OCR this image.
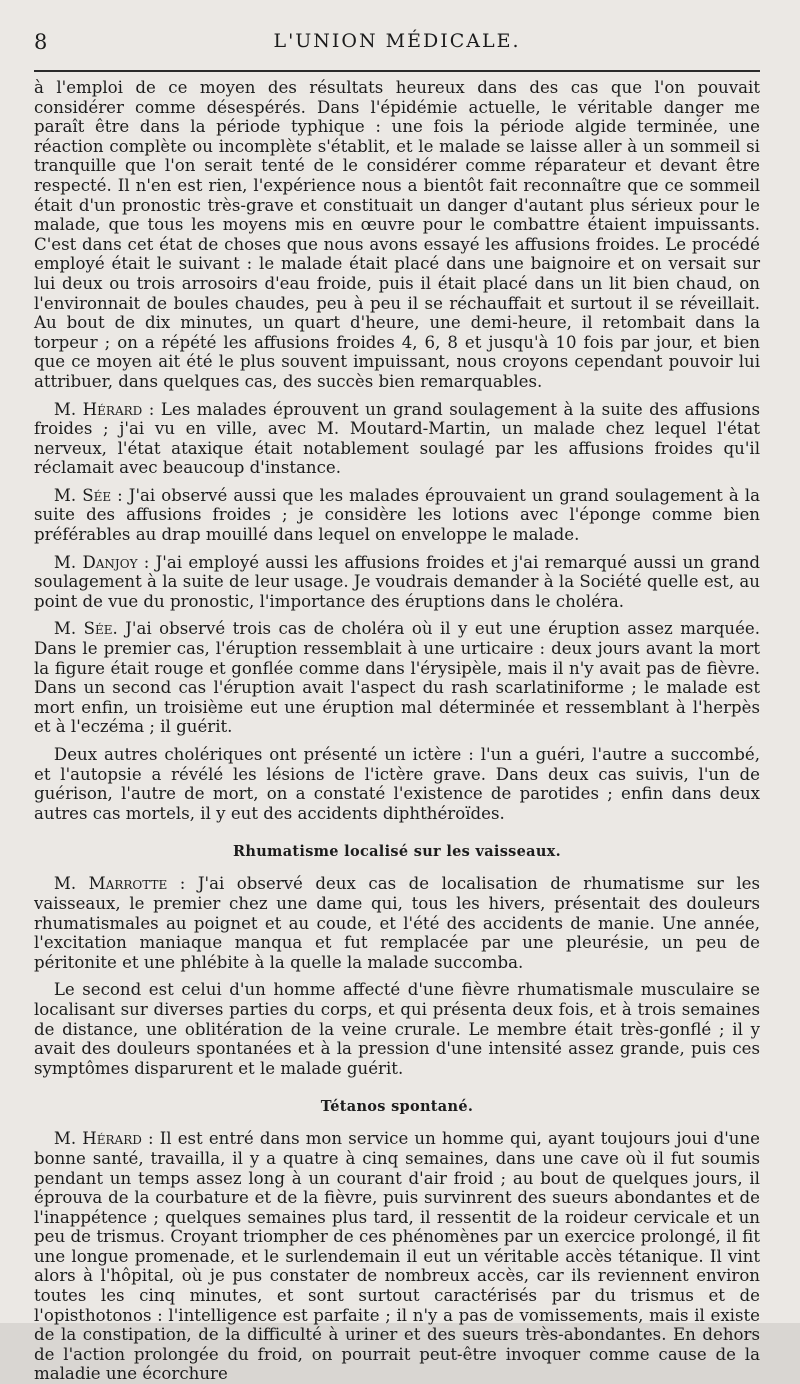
8	L'UNION MÉDICALE.

à l'emploi de ce moyen des résultats heureux dans des cas que l'on pouvait considérer comme désespérés. Dans l'épidémie actuelle, le véritable danger me paraît être dans la période typhique : une fois la période algide terminée, une réaction complète ou incomplète s'établit, et le malade se laisse aller à un sommeil si tranquille que l'on serait tenté de le considérer comme réparateur et devant être respecté. Il n'en est rien, l'expérience nous a bientôt fait reconnaître que ce sommeil était d'un pronostic très-grave et constituait un danger d'autant plus sérieux pour le malade, que tous les moyens mis en œuvre pour le combattre étaient impuissants. C'est dans cet état de choses que nous avons essayé les affusions froides. Le procédé employé était le suivant : le malade était placé dans une baignoire et on versait sur lui deux ou trois arrosoirs d'eau froide, puis il était placé dans un lit bien chaud, on l'environnait de boules chaudes, peu à peu il se réchauffait et surtout il se réveillait. Au bout de dix minutes, un quart d'heure, une demi-heure, il retombait dans la torpeur ; on a répété les affusions froides 4, 6, 8 et jusqu'à 10 fois par jour, et bien que ce moyen ait été le plus souvent impuissant, nous croyons cependant pouvoir lui attribuer, dans quelques cas, des succès bien remarquables.

M. Hérard : Les malades éprouvent un grand soulagement à la suite des affusions froides ; j'ai vu en ville, avec M. Moutard-Martin, un malade chez lequel l'état nerveux, l'état ataxique était notablement soulagé par les affusions froides qu'il réclamait avec beaucoup d'instance.

M. Sée : J'ai observé aussi que les malades éprouvaient un grand soulagement à la suite des affusions froides ; je considère les lotions avec l'éponge comme bien préférables au drap mouillé dans lequel on enveloppe le malade.

M. Danjoy : J'ai employé aussi les affusions froides et j'ai remarqué aussi un grand soulagement à la suite de leur usage. Je voudrais demander à la Société quelle est, au point de vue du pronostic, l'importance des éruptions dans le choléra.

M. Sée. J'ai observé trois cas de choléra où il y eut une éruption assez marquée. Dans le premier cas, l'éruption ressemblait à une urticaire : deux jours avant la mort la figure était rouge et gonflée comme dans l'érysipèle, mais il n'y avait pas de fièvre. Dans un second cas l'éruption avait l'aspect du rash scarlatiniforme ; le malade est mort enfin, un troisième eut une éruption mal déterminée et ressemblant à l'herpès et à l'eczéma ; il guérit.

Deux autres cholériques ont présenté un ictère : l'un a guéri, l'autre a succombé, et l'autopsie a révélé les lésions de l'ictère grave. Dans deux cas suivis, l'un de guérison, l'autre de mort, on a constaté l'existence de parotides ; enfin dans deux autres cas mortels, il y eut des accidents diphthéroïdes.

Rhumatisme localisé sur les vaisseaux.

M. Marrotte : J'ai observé deux cas de localisation de rhumatisme sur les vaisseaux, le premier chez une dame qui, tous les hivers, présentait des douleurs rhumatismales au poignet et au coude, et l'été des accidents de manie. Une année, l'excitation maniaque manqua et fut remplacée par une pleurésie, un peu de péritonite et une phlébite à la quelle la malade succomba.

Le second est celui d'un homme affecté d'une fièvre rhumatismale musculaire se localisant sur diverses parties du corps, et qui présenta deux fois, et à trois semaines de distance, une oblitération de la veine crurale. Le membre était très-gonflé ; il y avait des douleurs spontanées et à la pression d'une intensité assez grande, puis ces symptômes disparurent et le malade guérit.

Tétanos spontané.

M. Hérard : Il est entré dans mon service un homme qui, ayant toujours joui d'une bonne santé, travailla, il y a quatre à cinq semaines, dans une cave où il fut soumis pendant un temps assez long à un courant d'air froid ; au bout de quelques jours, il éprouva de la courbature et de la fièvre, puis survinrent des sueurs abondantes et de l'inappétence ; quelques semaines plus tard, il ressentit de la roideur cervicale et un peu de trismus. Croyant triompher de ces phénomènes par un exercice prolongé, il fit une longue promenade, et le surlendemain il eut un véritable accès tétanique. Il vint alors à l'hôpital, où je pus constater de nombreux accès, car ils reviennent environ toutes les cinq minutes, et sont surtout caractérisés par du trismus et de l'opisthotonos : l'intelligence est parfaite ; il n'y a pas de vomissements, mais il existe de la constipation, de la difficulté à uriner et des sueurs très-abondantes. En dehors de l'action prolongée du froid, on pourrait peut-être invoquer comme cause de la maladie une écorchure
